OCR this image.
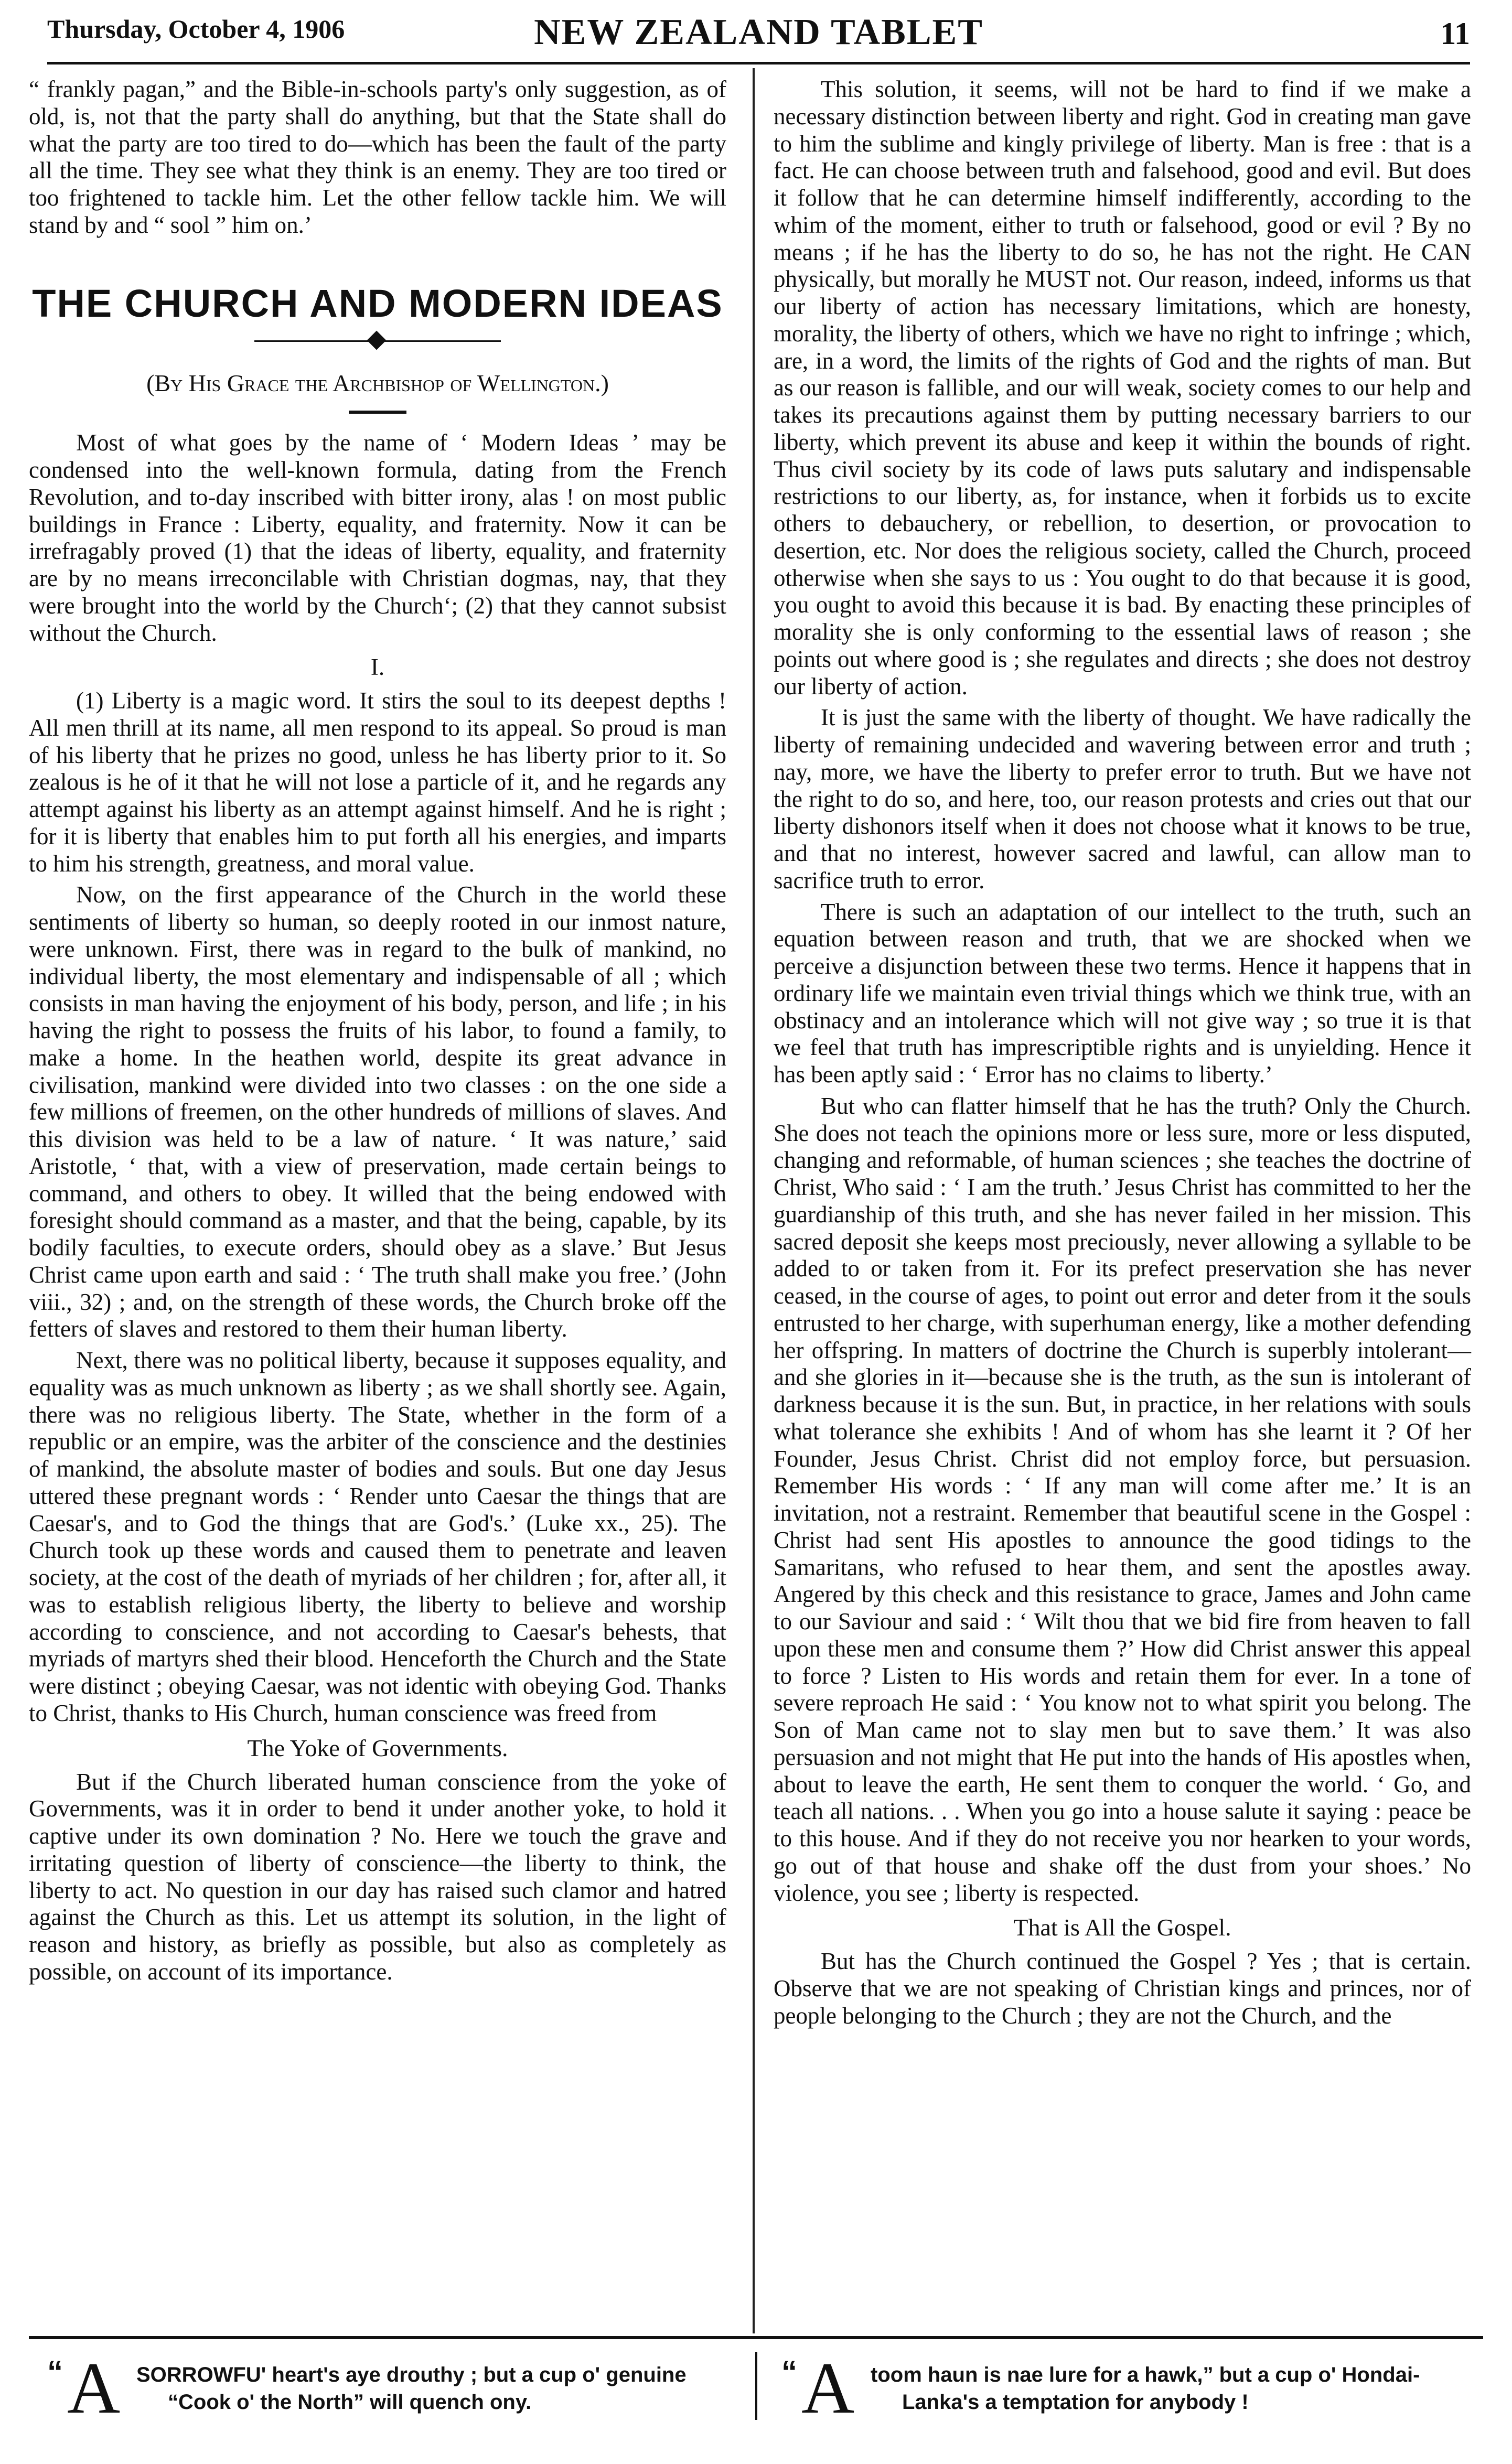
Thursday, October 4, 1906	NEW ZEALAND TABLET	11

“ frankly pagan,” and the Bible-in-schools party's only suggestion, as of old, is, not that the party shall do anything, but that the State shall do what the party are too tired to do—which has been the fault of the party all the time. They see what they think is an enemy. They are too tired or too frightened to tackle him. Let the other fellow tackle him. We will stand by and “ sool ” him on.’

THE CHURCH AND MODERN IDEAS
(By His Grace the Archbishop of Wellington.)

Most of what goes by the name of ‘ Modern Ideas ’ may be condensed into the well-known formula, dating from the French Revolution, and to-day inscribed with bitter irony, alas ! on most public buildings in France : Liberty, equality, and fraternity. Now it can be irrefragably proved (1) that the ideas of liberty, equality, and fraternity are by no means irreconcilable with Christian dogmas, nay, that they were brought into the world by the Church‘; (2) that they cannot subsist without the Church.

I.

(1) Liberty is a magic word. It stirs the soul to its deepest depths ! All men thrill at its name, all men respond to its appeal. So proud is man of his liberty that he prizes no good, unless he has liberty prior to it. So zealous is he of it that he will not lose a particle of it, and he regards any attempt against his liberty as an attempt against himself. And he is right ; for it is liberty that enables him to put forth all his energies, and imparts to him his strength, greatness, and moral value.

Now, on the first appearance of the Church in the world these sentiments of liberty so human, so deeply rooted in our inmost nature, were unknown. First, there was in regard to the bulk of mankind, no individual liberty, the most elementary and indispensable of all ; which consists in man having the enjoyment of his body, person, and life ; in his having the right to possess the fruits of his labor, to found a family, to make a home. In the heathen world, despite its great advance in civilisation, mankind were divided into two classes : on the one side a few millions of freemen, on the other hundreds of millions of slaves. And this division was held to be a law of nature. ‘ It was nature,’ said Aristotle, ‘ that, with a view of preservation, made certain beings to command, and others to obey. It willed that the being endowed with foresight should command as a master, and that the being, capable, by its bodily faculties, to execute orders, should obey as a slave.’ But Jesus Christ came upon earth and said : ‘ The truth shall make you free.’ (John viii., 32) ; and, on the strength of these words, the Church broke off the fetters of slaves and restored to them their human liberty.

Next, there was no political liberty, because it supposes equality, and equality was as much unknown as liberty ; as we shall shortly see. Again, there was no religious liberty. The State, whether in the form of a republic or an empire, was the arbiter of the conscience and the destinies of mankind, the absolute master of bodies and souls. But one day Jesus uttered these pregnant words : ‘ Render unto Caesar the things that are Caesar's, and to God the things that are God's.’ (Luke xx., 25). The Church took up these words and caused them to penetrate and leaven society, at the cost of the death of myriads of her children ; for, after all, it was to establish religious liberty, the liberty to believe and worship according to conscience, and not according to Caesar's behests, that myriads of martyrs shed their blood. Henceforth the Church and the State were distinct ; obeying Caesar, was not identic with obeying God. Thanks to Christ, thanks to His Church, human conscience was freed from

The Yoke of Governments.

But if the Church liberated human conscience from the yoke of Governments, was it in order to bend it under another yoke, to hold it captive under its own domination ? No. Here we touch the grave and irritating question of liberty of conscience—the liberty to think, the liberty to act. No question in our day has raised such clamor and hatred against the Church as this. Let us attempt its solution, in the light of reason and history, as briefly as possible, but also as completely as possible, on account of its importance.

This solution, it seems, will not be hard to find if we make a necessary distinction between liberty and right. God in creating man gave to him the sublime and kingly privilege of liberty. Man is free : that is a fact. He can choose between truth and falsehood, good and evil. But does it follow that he can determine himself indifferently, according to the whim of the moment, either to truth or falsehood, good or evil ? By no means ; if he has the liberty to do so, he has not the right. He CAN physically, but morally he MUST not. Our reason, indeed, informs us that our liberty of action has necessary limitations, which are honesty, morality, the liberty of others, which we have no right to infringe ; which, are, in a word, the limits of the rights of God and the rights of man. But as our reason is fallible, and our will weak, society comes to our help and takes its precautions against them by putting necessary barriers to our liberty, which prevent its abuse and keep it within the bounds of right. Thus civil society by its code of laws puts salutary and indispensable restrictions to our liberty, as, for instance, when it forbids us to excite others to debauchery, or rebellion, to desertion, or provocation to desertion, etc. Nor does the religious society, called the Church, proceed otherwise when she says to us : You ought to do that because it is good, you ought to avoid this because it is bad. By enacting these principles of morality she is only conforming to the essential laws of reason ; she points out where good is ; she regulates and directs ; she does not destroy our liberty of action.

It is just the same with the liberty of thought. We have radically the liberty of remaining undecided and wavering between error and truth ; nay, more, we have the liberty to prefer error to truth. But we have not the right to do so, and here, too, our reason protests and cries out that our liberty dishonors itself when it does not choose what it knows to be true, and that no interest, however sacred and lawful, can allow man to sacrifice truth to error.

There is such an adaptation of our intellect to the truth, such an equation between reason and truth, that we are shocked when we perceive a disjunction between these two terms. Hence it happens that in ordinary life we maintain even trivial things which we think true, with an obstinacy and an intolerance which will not give way ; so true it is that we feel that truth has imprescriptible rights and is unyielding. Hence it has been aptly said : ‘ Error has no claims to liberty.’

But who can flatter himself that he has the truth? Only the Church. She does not teach the opinions more or less sure, more or less disputed, changing and reformable, of human sciences ; she teaches the doctrine of Christ, Who said : ‘ I am the truth.’ Jesus Christ has committed to her the guardianship of this truth, and she has never failed in her mission. This sacred deposit she keeps most preciously, never allowing a syllable to be added to or taken from it. For its prefect preservation she has never ceased, in the course of ages, to point out error and deter from it the souls entrusted to her charge, with superhuman energy, like a mother defending her offspring. In matters of doctrine the Church is superbly intolerant—and she glories in it—because she is the truth, as the sun is intolerant of darkness because it is the sun. But, in practice, in her relations with souls what tolerance she exhibits ! And of whom has she learnt it ? Of her Founder, Jesus Christ. Christ did not employ force, but persuasion. Remember His words : ‘ If any man will come after me.’ It is an invitation, not a restraint. Remember that beautiful scene in the Gospel : Christ had sent His apostles to announce the good tidings to the Samaritans, who refused to hear them, and sent the apostles away. Angered by this check and this resistance to grace, James and John came to our Saviour and said : ‘ Wilt thou that we bid fire from heaven to fall upon these men and consume them ?’ How did Christ answer this appeal to force ? Listen to His words and retain them for ever. In a tone of severe reproach He said : ‘ You know not to what spirit you belong. The Son of Man came not to slay men but to save them.’ It was also persuasion and not might that He put into the hands of His apostles when, about to leave the earth, He sent them to conquer the world. ‘ Go, and teach all nations. . . When you go into a house salute it saying : peace be to this house. And if they do not receive you nor hearken to your words, go out of that house and shake off the dust from your shoes.’ No violence, you see ; liberty is respected.

That is All the Gospel.

But has the Church continued the Gospel ? Yes ; that is certain. Observe that we are not speaking of Christian kings and princes, nor of people belonging to the Church ; they are not the Church, and the

“ A SORROWFU' heart's aye drouthy ; but a cup o' genuine
“Cook o' the North” will quench ony.
“ A toom haun is nae lure for a hawk,” but a cup o' Hondai-
Lanka's a temptation for anybody !
